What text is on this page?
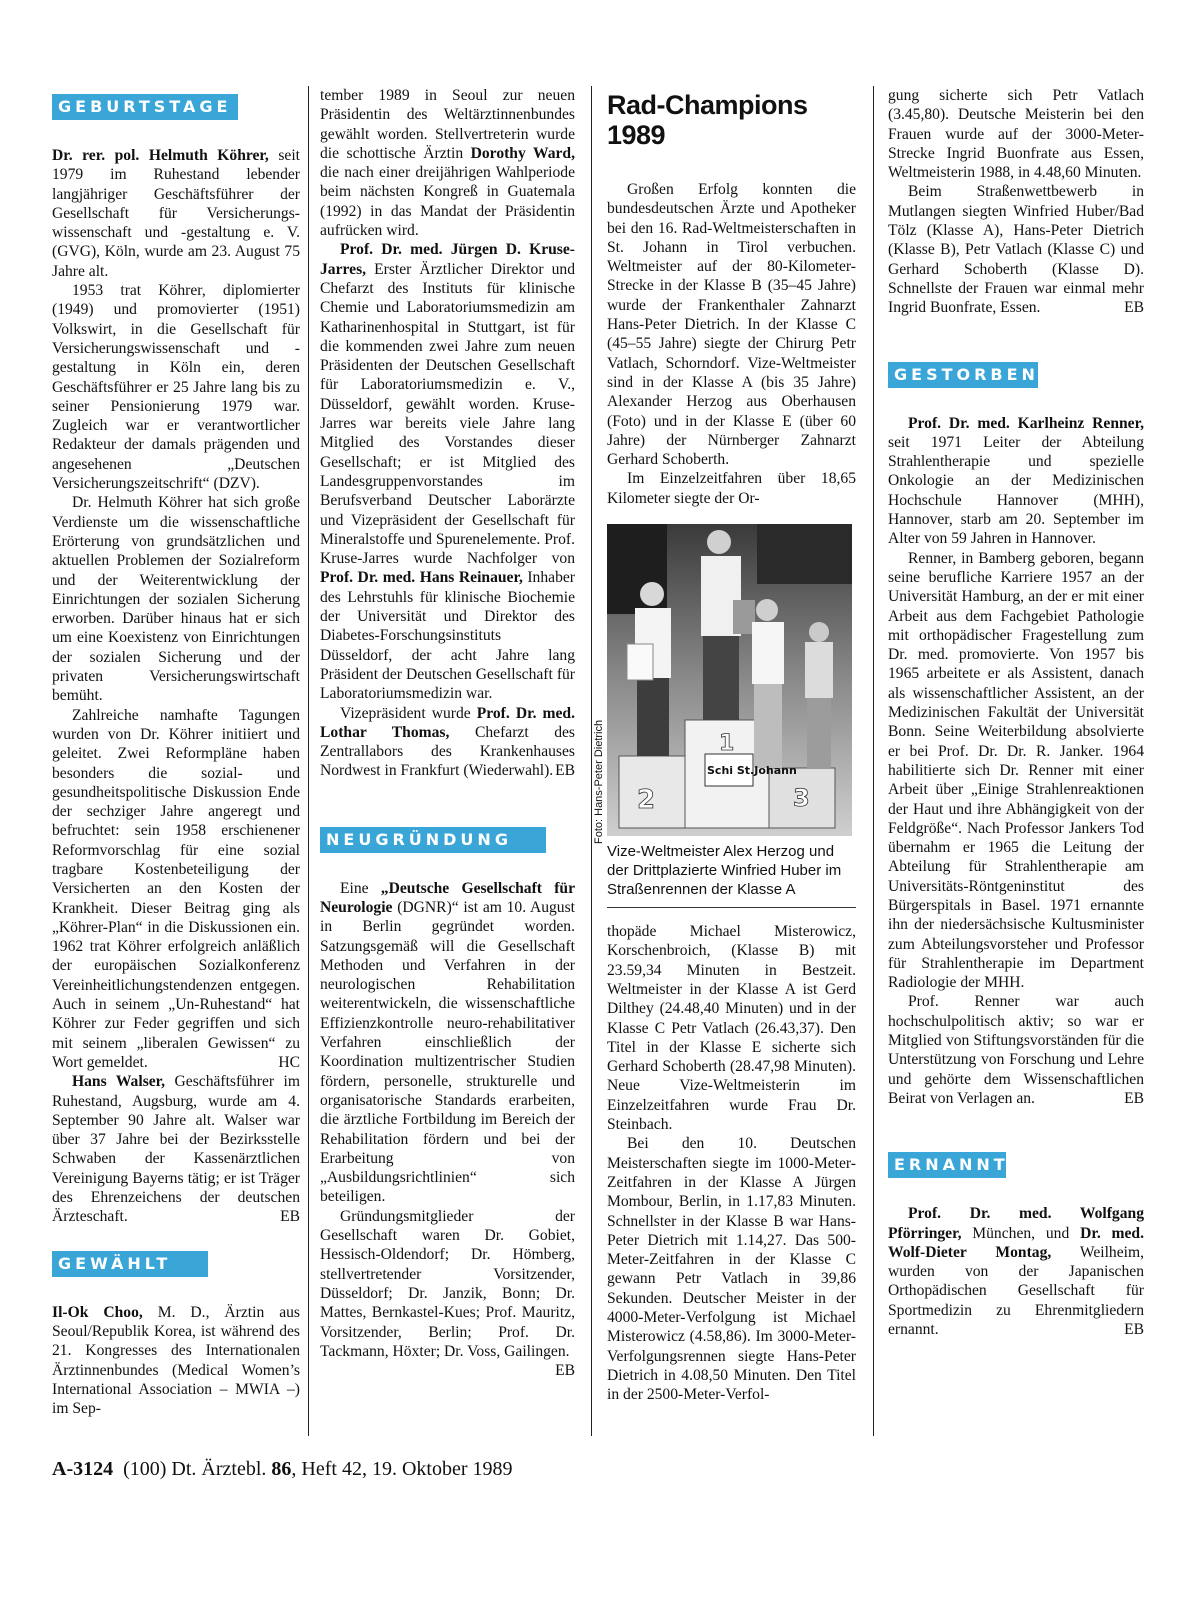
GEBURTSTAGE

Dr. rer. pol. Helmuth Köhrer, seit 1979 im Ruhestand lebender langjähriger Geschäftsführer der Gesellschaft für Versicherungswissenschaft und -gestaltung e. V. (GVG), Köln, wurde am 23. August 75 Jahre alt.

1953 trat Köhrer, diplomierter (1949) und promovierter (1951) Volkswirt, in die Gesellschaft für Versicherungswissenschaft und -gestaltung in Köln ein, deren Geschäftsführer er 25 Jahre lang bis zu seiner Pensionierung 1979 war. Zugleich war er verantwortlicher Redakteur der damals prägenden und angesehenen „Deutschen Versicherungszeitschrift“ (DZV).

Dr. Helmuth Köhrer hat sich große Verdienste um die wissenschaftliche Erörterung von grundsätzlichen und aktuellen Problemen der Sozialreform und der Weiterentwicklung der Einrichtungen der sozialen Sicherung erworben. Darüber hinaus hat er sich um eine Koexistenz von Einrichtungen der sozialen Sicherung und der privaten Versicherungswirtschaft bemüht.

Zahlreiche namhafte Tagungen wurden von Dr. Köhrer initiiert und geleitet. Zwei Reformpläne haben besonders die sozial- und gesundheitspolitische Diskussion Ende der sechziger Jahre angeregt und befruchtet: sein 1958 erschienener Reformvorschlag für eine sozial tragbare Kostenbeteiligung der Versicherten an den Kosten der Krankheit. Dieser Beitrag ging als „Köhrer-Plan“ in die Diskussionen ein. 1962 trat Köhrer erfolgreich anläßlich der europäischen Sozialkonferenz Vereinheitlichungstendenzen entgegen. Auch in seinem „Un-Ruhestand“ hat Köhrer zur Feder gegriffen und sich mit seinem „liberalen Gewissen“ zu Wort gemeldet.	HC

Hans Walser, Geschäftsführer im Ruhestand, Augsburg, wurde am 4. September 90 Jahre alt. Walser war über 37 Jahre bei der Bezirksstelle Schwaben der Kassenärztlichen Vereinigung Bayerns tätig; er ist Träger des Ehrenzeichens der deutschen Ärzteschaft.	EB

GEWÄHLT

Il-Ok Choo, M. D., Ärztin aus Seoul/Republik Korea, ist während des 21. Kongresses des Internationalen Ärztinnenbundes (Medical Women’s International Association – MWIA –) im Sep-

tember 1989 in Seoul zur neuen Präsidentin des Weltärztinnenbundes gewählt worden. Stellvertreterin wurde die schottische Ärztin Dorothy Ward, die nach einer dreijährigen Wahlperiode beim nächsten Kongreß in Guatemala (1992) in das Mandat der Präsidentin aufrücken wird.

Prof. Dr. med. Jürgen D. Kruse-Jarres, Erster Ärztlicher Direktor und Chefarzt des Instituts für klinische Chemie und Laboratoriumsmedizin am Katharinenhospital in Stuttgart, ist für die kommenden zwei Jahre zum neuen Präsidenten der Deutschen Gesellschaft für Laboratoriumsmedizin e. V., Düsseldorf, gewählt worden. Kruse-Jarres war bereits viele Jahre lang Mitglied des Vorstandes dieser Gesellschaft; er ist Mitglied des Landesgruppenvorstandes im Berufsverband Deutscher Laborärzte und Vizepräsident der Gesellschaft für Mineralstoffe und Spurenelemente. Prof. Kruse-Jarres wurde Nachfolger von Prof. Dr. med. Hans Reinauer, Inhaber des Lehrstuhls für klinische Biochemie der Universität und Direktor des Diabetes-Forschungsinstituts Düsseldorf, der acht Jahre lang Präsident der Deutschen Gesellschaft für Laboratoriumsmedizin war.

Vizepräsident wurde Prof. Dr. med. Lothar Thomas, Chefarzt des Zentrallabors des Krankenhauses Nordwest in Frankfurt (Wiederwahl). EB

NEUGRÜNDUNG

Eine „Deutsche Gesellschaft für Neurologie (DGNR)“ ist am 10. August in Berlin gegründet worden. Satzungsgemäß will die Gesellschaft Methoden und Verfahren in der neurologischen Rehabilitation weiterentwickeln, die wissenschaftliche Effizienzkontrolle neuro-rehabilitativer Verfahren einschließlich der Koordination multizentrischer Studien fördern, personelle, strukturelle und organisatorische Standards erarbeiten, die ärztliche Fortbildung im Bereich der Rehabilitation fördern und bei der Erarbeitung von „Ausbildungsrichtlinien“ sich beteiligen.

Gründungsmitglieder der Gesellschaft waren Dr. Gobiet, Hessisch-Oldendorf; Dr. Hömberg, stellvertretender Vorsitzender, Düsseldorf; Dr. Janzik, Bonn; Dr. Mattes, Bernkastel-Kues; Prof. Mauritz, Vorsitzender, Berlin; Prof. Dr. Tackmann, Höxter; Dr. Voss, Gailingen.
EB

Rad-Champions 1989

Großen Erfolg konnten die bundesdeutschen Ärzte und Apotheker bei den 16. Rad-Weltmeisterschaften in St. Johann in Tirol verbuchen. Weltmeister auf der 80-Kilometer-Strecke in der Klasse B (35–45 Jahre) wurde der Frankenthaler Zahnarzt Hans-Peter Dietrich. In der Klasse C (45–55 Jahre) siegte der Chirurg Petr Vatlach, Schorndorf. Vize-Weltmeister sind in der Klasse A (bis 35 Jahre) Alexander Herzog aus Oberhausen (Foto) und in der Klasse E (über 60 Jahre) der Nürnberger Zahnarzt Gerhard Schoberth.

Im Einzelzeitfahren über 18,65 Kilometer siegte der Or-

Schi St.Johann
2
1
3
Foto: Hans-Peter Dietrich
Vize-Weltmeister Alex Herzog und der Drittplazierte Winfried Huber im Straßenrennen der Klasse A

thopäde Michael Misterowicz, Korschenbroich, (Klasse B) mit 23.59,34 Minuten in Bestzeit. Weltmeister in der Klasse A ist Gerd Dilthey (24.48,40 Minuten) und in der Klasse C Petr Vatlach (26.43,37). Den Titel in der Klasse E sicherte sich Gerhard Schoberth (28.47,98 Minuten). Neue Vize-Weltmeisterin im Einzelzeitfahren wurde Frau Dr. Steinbach.

Bei den 10. Deutschen Meisterschaften siegte im 1000-Meter-Zeitfahren in der Klasse A Jürgen Mombour, Berlin, in 1.17,83 Minuten. Schnellster in der Klasse B war Hans-Peter Dietrich mit 1.14,27. Das 500-Meter-Zeitfahren in der Klasse C gewann Petr Vatlach in 39,86 Sekunden. Deutscher Meister in der 4000-Meter-Verfolgung ist Michael Misterowicz (4.58,86). Im 3000-Meter-Verfolgungsrennen siegte Hans-Peter Dietrich in 4.08,50 Minuten. Den Titel in der 2500-Meter-Verfol-

gung sicherte sich Petr Vatlach (3.45,80). Deutsche Meisterin bei den Frauen wurde auf der 3000-Meter-Strecke Ingrid Buonfrate aus Essen, Weltmeisterin 1988, in 4.48,60 Minuten.

Beim Straßenwettbewerb in Mutlangen siegten Winfried Huber/Bad Tölz (Klasse A), Hans-Peter Dietrich (Klasse B), Petr Vatlach (Klasse C) und Gerhard Schoberth (Klasse D). Schnellste der Frauen war einmal mehr Ingrid Buonfrate, Essen.	EB

GESTORBEN

Prof. Dr. med. Karlheinz Renner, seit 1971 Leiter der Abteilung Strahlentherapie und spezielle Onkologie an der Medizinischen Hochschule Hannover (MHH), Hannover, starb am 20. September im Alter von 59 Jahren in Hannover.

Renner, in Bamberg geboren, begann seine berufliche Karriere 1957 an der Universität Hamburg, an der er mit einer Arbeit aus dem Fachgebiet Pathologie mit orthopädischer Fragestellung zum Dr. med. promovierte. Von 1957 bis 1965 arbeitete er als Assistent, danach als wissenschaftlicher Assistent, an der Medizinischen Fakultät der Universität Bonn. Seine Weiterbildung absolvierte er bei Prof. Dr. Dr. R. Janker. 1964 habilitierte sich Dr. Renner mit einer Arbeit über „Einige Strahlenreaktionen der Haut und ihre Abhängigkeit von der Feldgröße“. Nach Professor Jankers Tod übernahm er 1965 die Leitung der Abteilung für Strahlentherapie am Universitäts-Röntgeninstitut des Bürgerspitals in Basel. 1971 ernannte ihn der niedersächsische Kultusminister zum Abteilungsvorsteher und Professor für Strahlentherapie im Department Radiologie der MHH.

Prof. Renner war auch hochschulpolitisch aktiv; so war er Mitglied von Stiftungsvorständen für die Unterstützung von Forschung und Lehre und gehörte dem Wissenschaftlichen Beirat von Verlagen an.	EB

ERNANNT

Prof. Dr. med. Wolfgang Pförringer, München, und Dr. med. Wolf-Dieter Montag, Weilheim, wurden von der Japanischen Orthopädischen Gesellschaft für Sportmedizin zu Ehrenmitgliedern ernannt.	EB

A-3124  (100) Dt. Ärztebl. 86, Heft 42, 19. Oktober 1989
